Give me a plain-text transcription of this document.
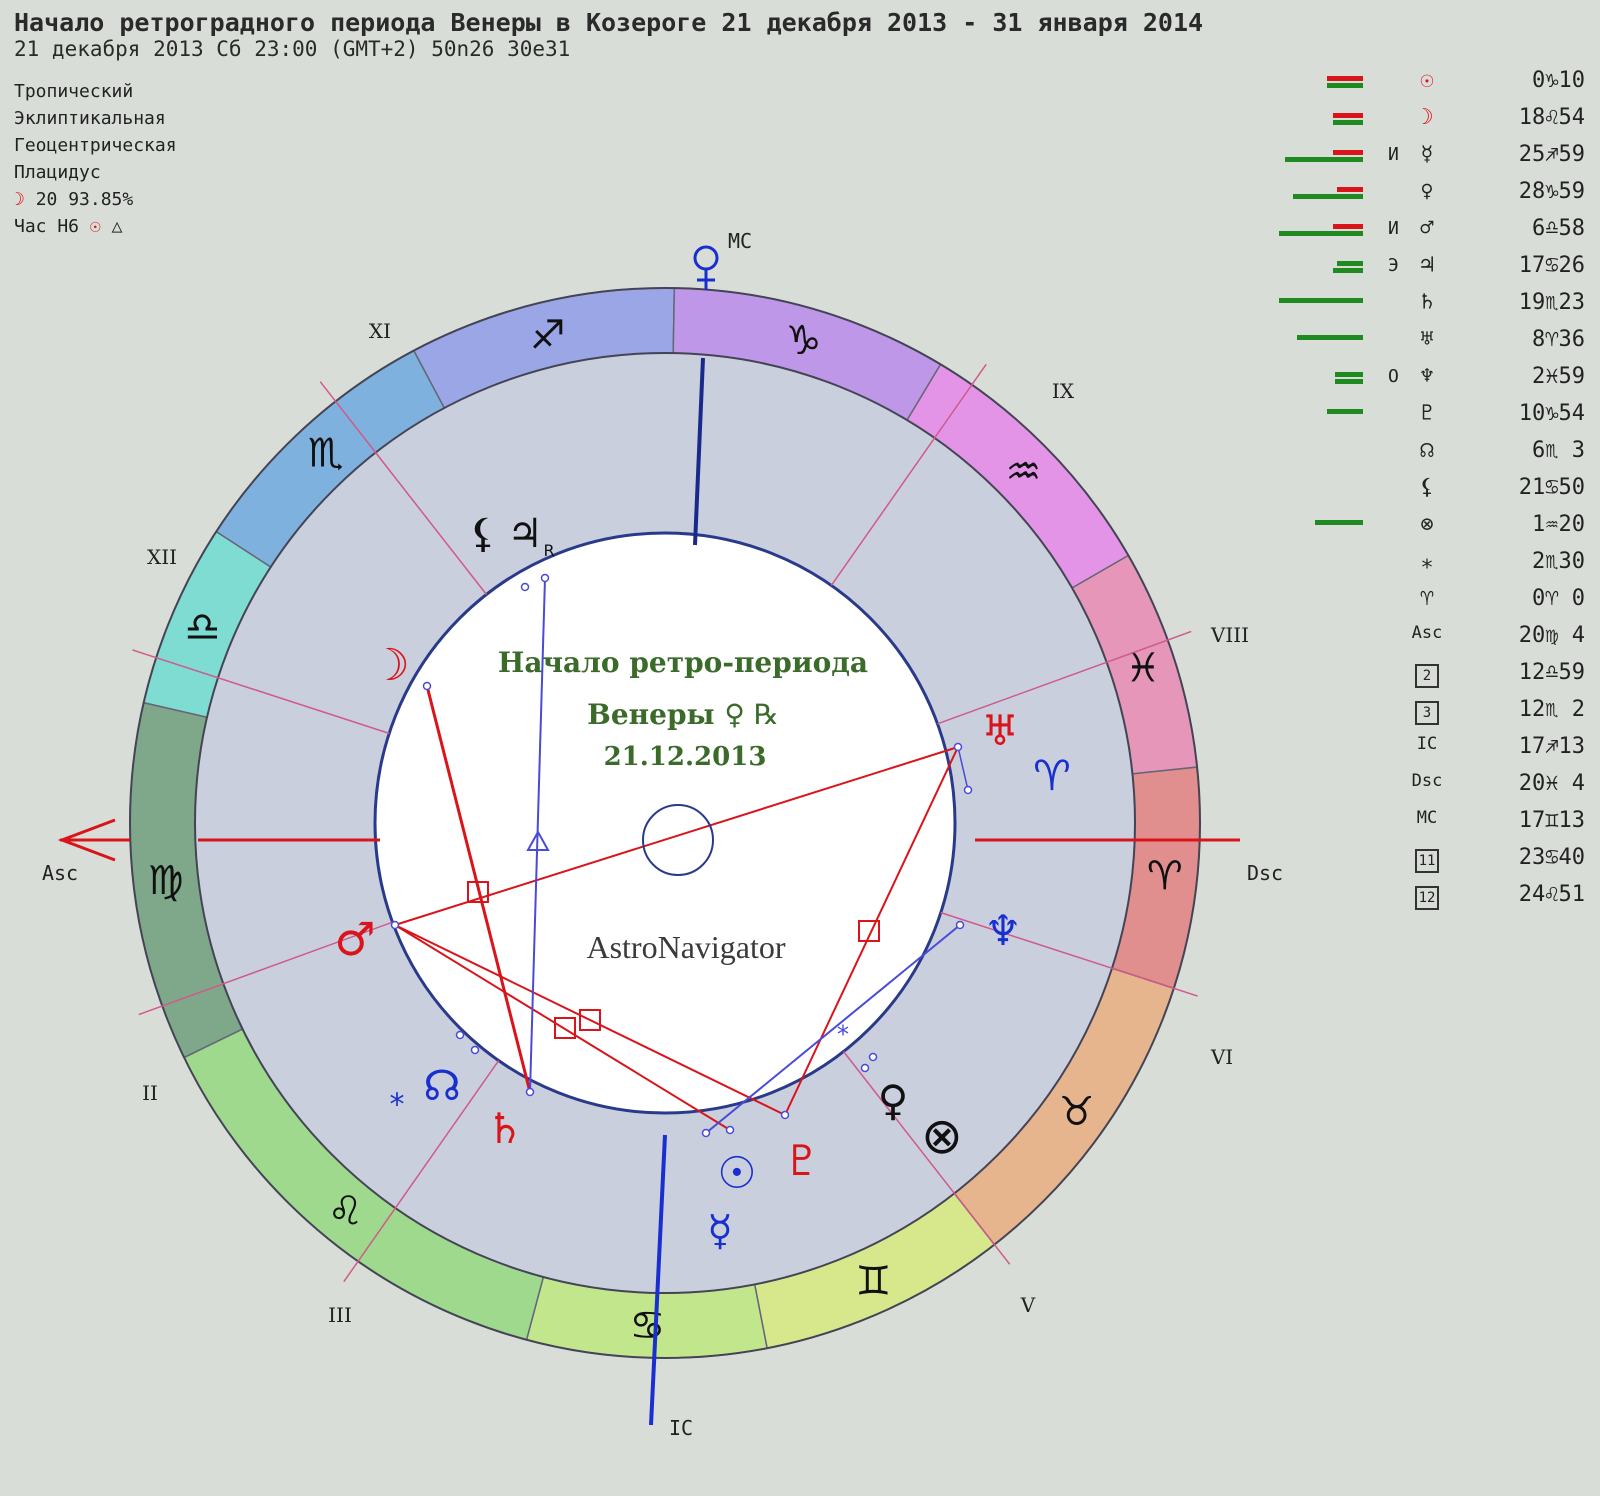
Начало ретроградного периода Венеры в Козероге 21 декабря 2013 - 31 января 2014
21 декабря 2013 Сб 23:00 (GMT+2) 50n26 30e31
Тропический
Эклиптикальная
Геоцентрическая
Плацидус
☽ 20 93.85%
Час Н6 ☉ △
♍
♎
♏
♐	♑
♒
♓
♈
♉
♊
♋
♌
II
III	V
VI
VIII
IX
XI
XII
⁎
☽
⚸ ♃ R
♅
♈
♆
♀
⊗
♇
☉
☿
♄
☊
⁎
♂
Начало ретро-периода
Венеры ♀ ℞
21.12.2013
AstroNavigator
Asc	Dsc
MC
IC
☉	0♑10
☽	18♌54
И ☿	25♐59
♀	28♑59
И ♂	6♎58
Э ♃	17♋26
♄	19♏23
♅	8♈36
О ♆	2♓59
♇	10♑54
☊	6♏ 3
⚸	21♋50
⊗	1♒20
⁎	2♏30
♈	0♈ 0
Asc	20♍ 4
2	12♎59
3	12♏ 2
IC	17♐13
Dsc	20♓ 4
MC	17♊13
11	23♋40
12	24♌51
